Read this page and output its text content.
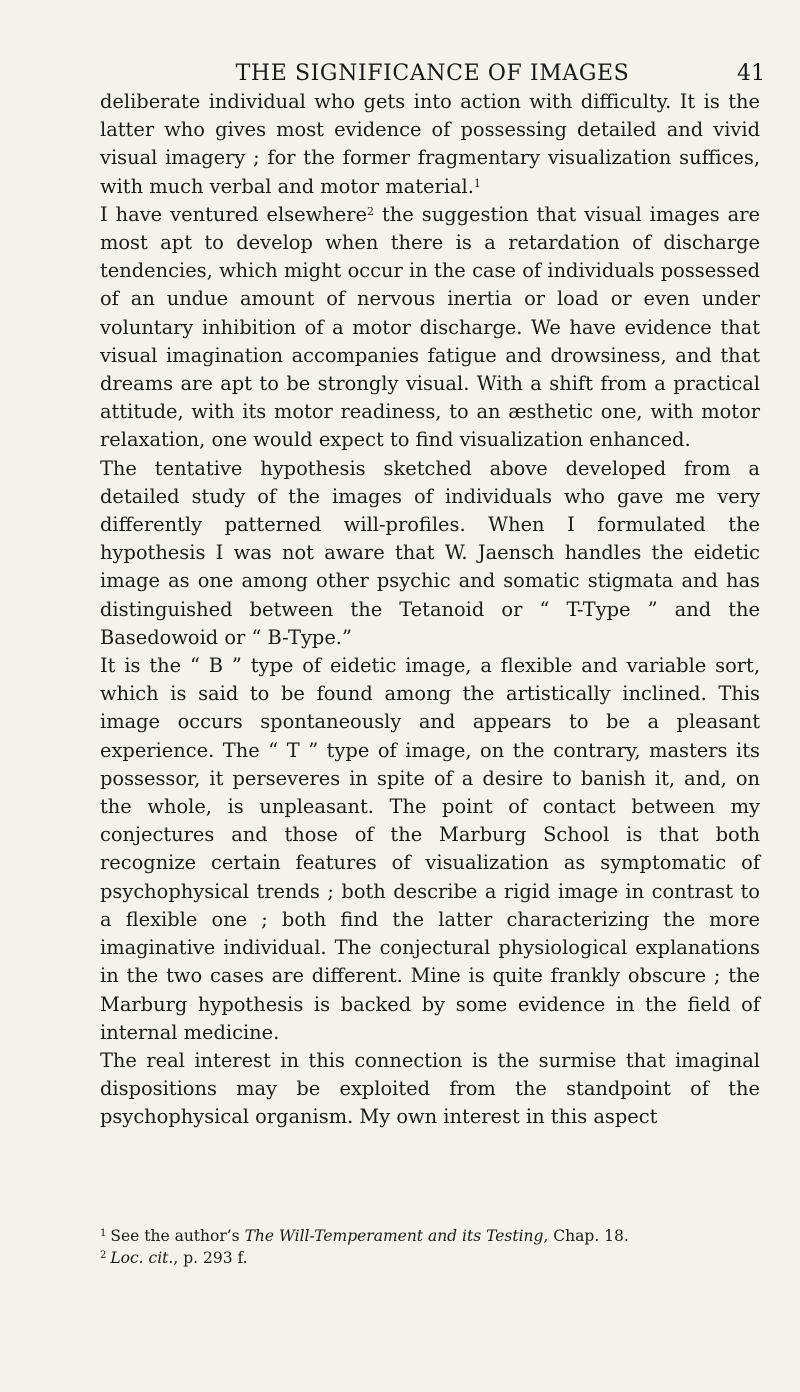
THE SIGNIFICANCE OF IMAGES	41

deliberate individual who gets into action with difficulty. It is the latter who gives most evidence of possessing detailed and vivid visual imagery ; for the former fragmentary visualization suffices, with much verbal and motor material.$^1$

I have ventured elsewhere$^2$ the suggestion that visual images are most apt to develop when there is a retardation of discharge tendencies, which might occur in the case of individuals possessed of an undue amount of nervous inertia or load or even under voluntary inhibition of a motor discharge. We have evidence that visual imagination accompanies fatigue and drowsiness, and that dreams are apt to be strongly visual. With a shift from a practical attitude, with its motor readiness, to an æsthetic one, with motor relaxation, one would expect to find visualization enhanced.

The tentative hypothesis sketched above developed from a detailed study of the images of individuals who gave me very differently patterned will-profiles. When I formulated the hypothesis I was not aware that W. Jaensch handles the eidetic image as one among other psychic and somatic stigmata and has distinguished between the Tetanoid or “ T-Type ” and the Basedowoid or “ B-Type.”

It is the “ B ” type of eidetic image, a flexible and variable sort, which is said to be found among the artistically inclined. This image occurs spontaneously and appears to be a pleasant experience. The “ T ” type of image, on the contrary, masters its possessor, it perseveres in spite of a desire to banish it, and, on the whole, is unpleasant. The point of contact between my conjectures and those of the Marburg School is that both recognize certain features of visualization as symptomatic of psychophysical trends ; both describe a rigid image in contrast to a flexible one ; both find the latter characterizing the more imaginative individual. The conjectural physiological explanations in the two cases are different. Mine is quite frankly obscure ; the Marburg hypothesis is backed by some evidence in the field of internal medicine.

The real interest in this connection is the surmise that imaginal dispositions may be exploited from the standpoint of the psychophysical organism. My own interest in this aspect

$^1$ See the author’s The Will-Temperament and its Testing, Chap. 18.

$^2$ Loc. cit., p. 293 f.
